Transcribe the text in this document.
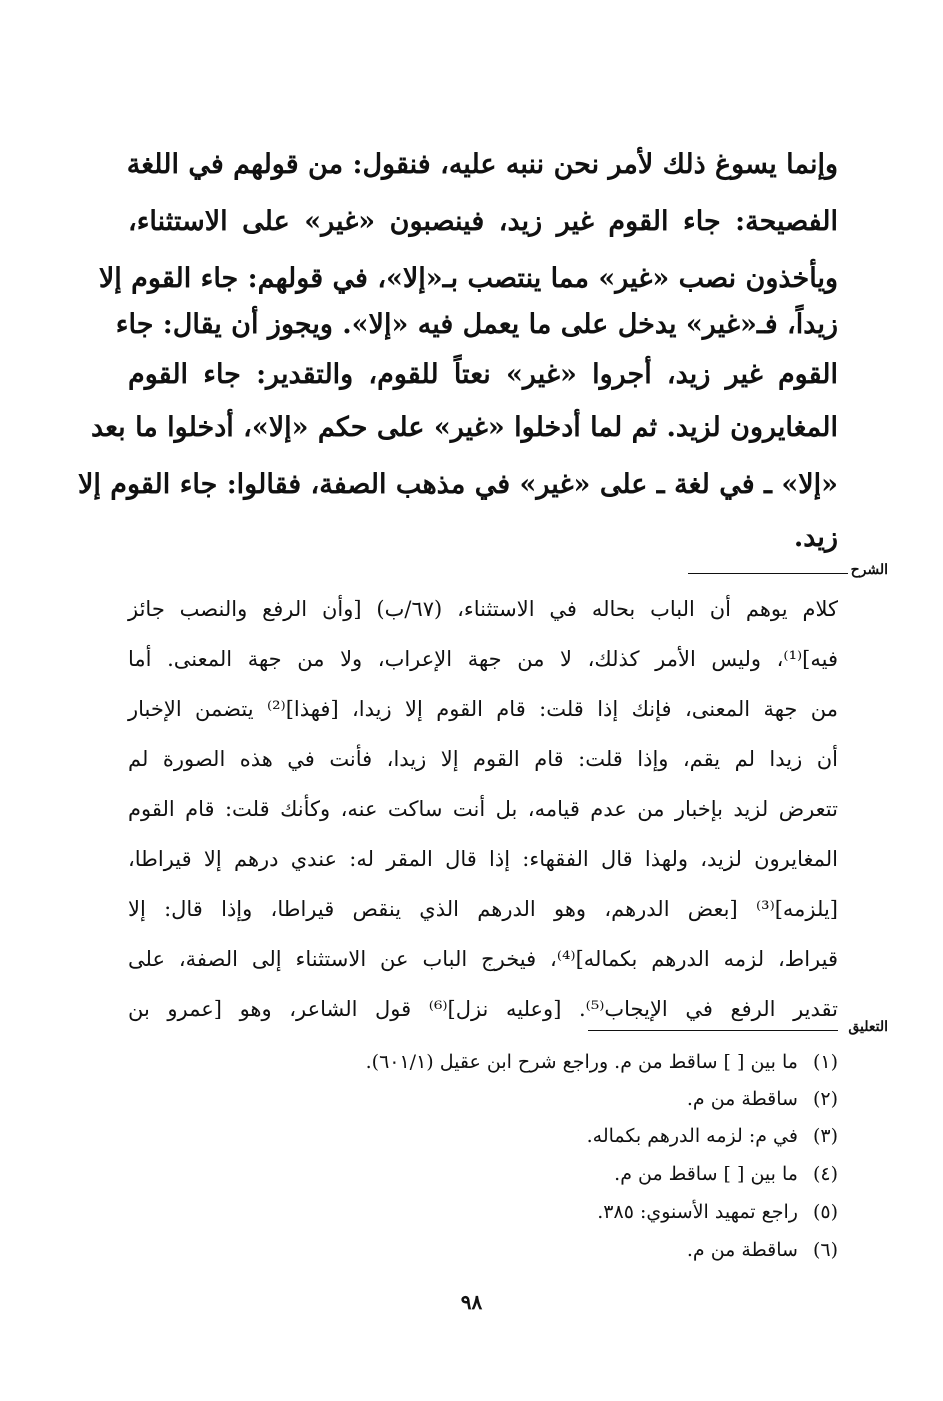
وإنما يسوغ ذلك لأمر نحن ننبه عليه، فنقول: من قولهم في اللغة
الفصيحة: جاء القوم غير زيد، فينصبون «غير» على الاستثناء،
ويأخذون نصب «غير» مما ينتصب بـ«إلا»، في قولهم: جاء القوم إلا
زيداً، فـ«غير» يدخل على ما يعمل فيه «إلا». ويجوز أن يقال: جاء
القوم غير زيد، أجروا «غير» نعتاً للقوم، والتقدير: جاء القوم
المغايرون لزيد. ثم لما أدخلوا «غير» على حكم «إلا»، أدخلوا ما بعد
«إلا» ـ في لغة ـ على «غير» في مذهب الصفة، فقالوا: جاء القوم إلا
زيد.
الشرح
كلام يوهم أن الباب بحاله في الاستثناء، (٦٧/ب) [وأن الرفع والنصب جائز
فيه]⁽¹⁾، وليس الأمر كذلك، لا من جهة الإعراب، ولا من جهة المعنى. أما
من جهة المعنى، فإنك إذا قلت: قام القوم إلا زيدا، [فهذا]⁽²⁾ يتضمن الإخبار
أن زيدا لم يقم، وإذا قلت: قام القوم إلا زيدا، فأنت في هذه الصورة لم
تتعرض لزيد بإخبار من عدم قيامه، بل أنت ساكت عنه، وكأنك قلت: قام القوم
المغايرون لزيد، ولهذا قال الفقهاء: إذا قال المقر له: عندي درهم إلا قيراطا،
[يلزمه]⁽³⁾ [بعض الدرهم، وهو الدرهم الذي ينقص قيراطا، وإذا قال: إلا
قيراط، لزمه الدرهم بكماله]⁽⁴⁾، فيخرج الباب عن الاستثناء إلى الصفة، على
تقدير الرفع في الإيجاب⁽⁵⁾. [وعليه نزل]⁽⁶⁾ قول الشاعر، وهو [عمرو بن
التعليق
(١) ما بين [ ] ساقط من م. وراجع شرح ابن عقيل (٦٠١/١).
(٢) ساقطة من م.
(٣) في م: لزمه الدرهم بكماله.
(٤) ما بين [ ] ساقط من م.
(٥) راجع تمهيد الأسنوي: ٣٨٥.
(٦) ساقطة من م.
٩٨
